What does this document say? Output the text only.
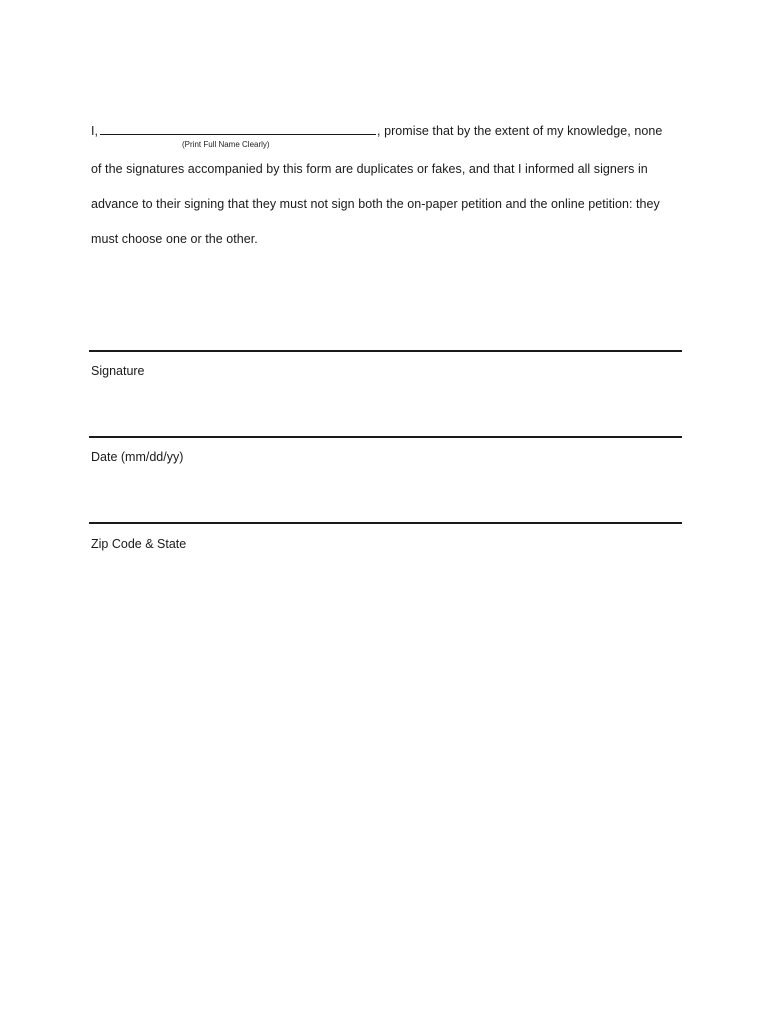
I,	, promise that by the extent of my knowledge, none
(Print Full Name Clearly)
of the signatures accompanied by this form are duplicates or fakes, and that I informed all signers in
advance to their signing that they must not sign both the on-paper petition and the online petition: they
must choose one or the other.
Signature
Date (mm/dd/yy)
Zip Code & State
